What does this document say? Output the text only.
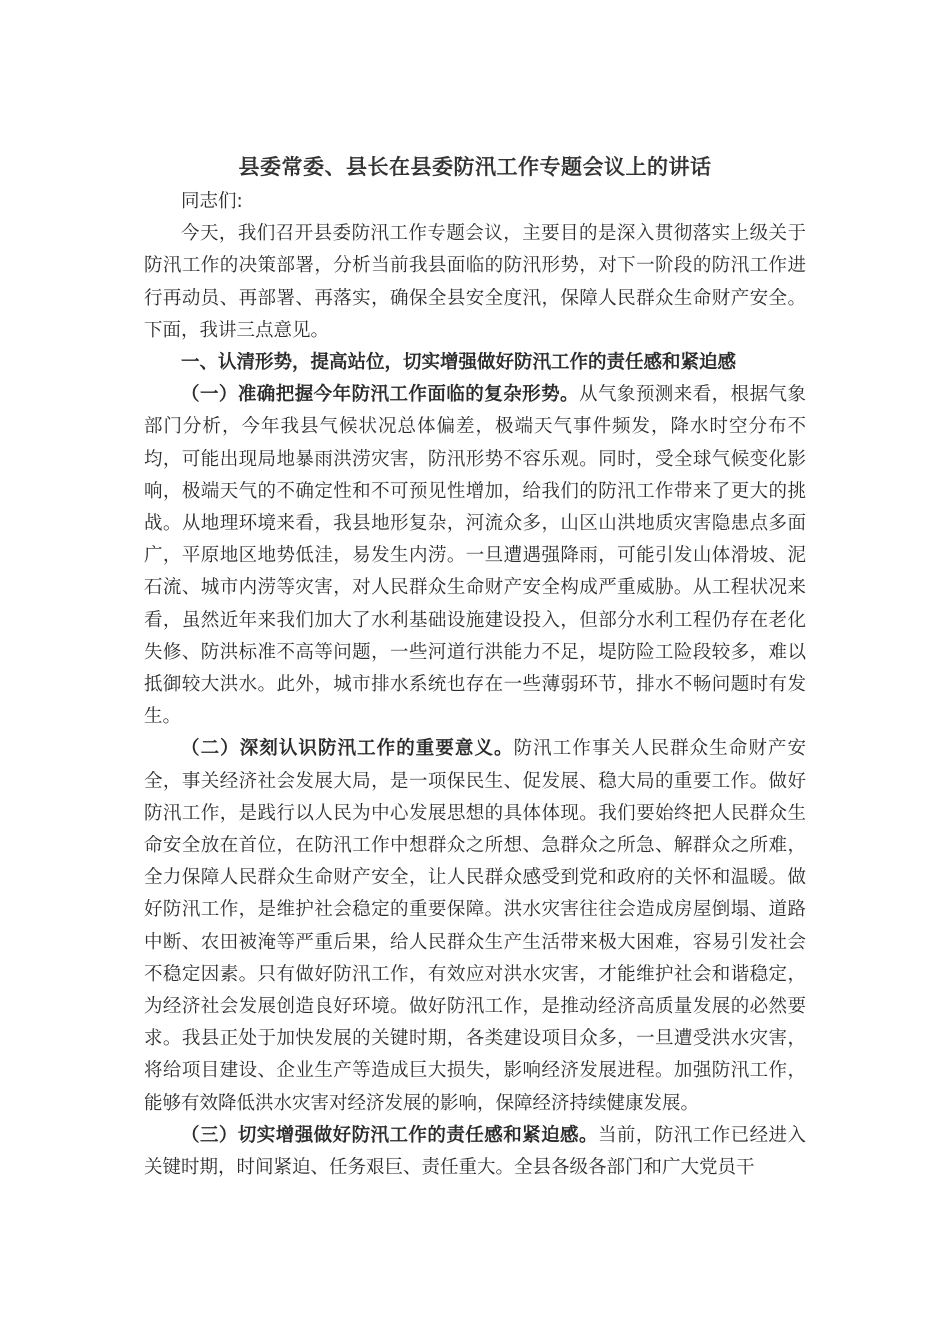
县委常委、县长在县委防汛工作专题会议上的讲话

同志们:

今天，我们召开县委防汛工作专题会议，主要目的是深入贯彻落实上级关于防汛工作的决策部署，分析当前我县面临的防汛形势，对下一阶段的防汛工作进行再动员、再部署、再落实，确保全县安全度汛，保障人民群众生命财产安全。下面，我讲三点意见。

一、认清形势，提高站位，切实增强做好防汛工作的责任感和紧迫感

（一）准确把握今年防汛工作面临的复杂形势。从气象预测来看，根据气象部门分析，今年我县气候状况总体偏差，极端天气事件频发，降水时空分布不均，可能出现局地暴雨洪涝灾害，防汛形势不容乐观。同时，受全球气候变化影响，极端天气的不确定性和不可预见性增加，给我们的防汛工作带来了更大的挑战。从地理环境来看，我县地形复杂，河流众多，山区山洪地质灾害隐患点多面广，平原地区地势低洼，易发生内涝。一旦遭遇强降雨，可能引发山体滑坡、泥石流、城市内涝等灾害，对人民群众生命财产安全构成严重威胁。从工程状况来看，虽然近年来我们加大了水利基础设施建设投入，但部分水利工程仍存在老化失修、防洪标准不高等问题，一些河道行洪能力不足，堤防险工险段较多，难以抵御较大洪水。此外，城市排水系统也存在一些薄弱环节，排水不畅问题时有发生。

（二）深刻认识防汛工作的重要意义。防汛工作事关人民群众生命财产安全，事关经济社会发展大局，是一项保民生、促发展、稳大局的重要工作。做好防汛工作，是践行以人民为中心发展思想的具体体现。我们要始终把人民群众生命安全放在首位，在防汛工作中想群众之所想、急群众之所急、解群众之所难，全力保障人民群众生命财产安全，让人民群众感受到党和政府的关怀和温暖。做好防汛工作，是维护社会稳定的重要保障。洪水灾害往往会造成房屋倒塌、道路中断、农田被淹等严重后果，给人民群众生产生活带来极大困难，容易引发社会不稳定因素。只有做好防汛工作，有效应对洪水灾害，才能维护社会和谐稳定，为经济社会发展创造良好环境。做好防汛工作，是推动经济高质量发展的必然要求。我县正处于加快发展的关键时期，各类建设项目众多，一旦遭受洪水灾害，将给项目建设、企业生产等造成巨大损失，影响经济发展进程。加强防汛工作，能够有效降低洪水灾害对经济发展的影响，保障经济持续健康发展。

（三）切实增强做好防汛工作的责任感和紧迫感。当前，防汛工作已经进入关键时期，时间紧迫、任务艰巨、责任重大。全县各级各部门和广大党员干
